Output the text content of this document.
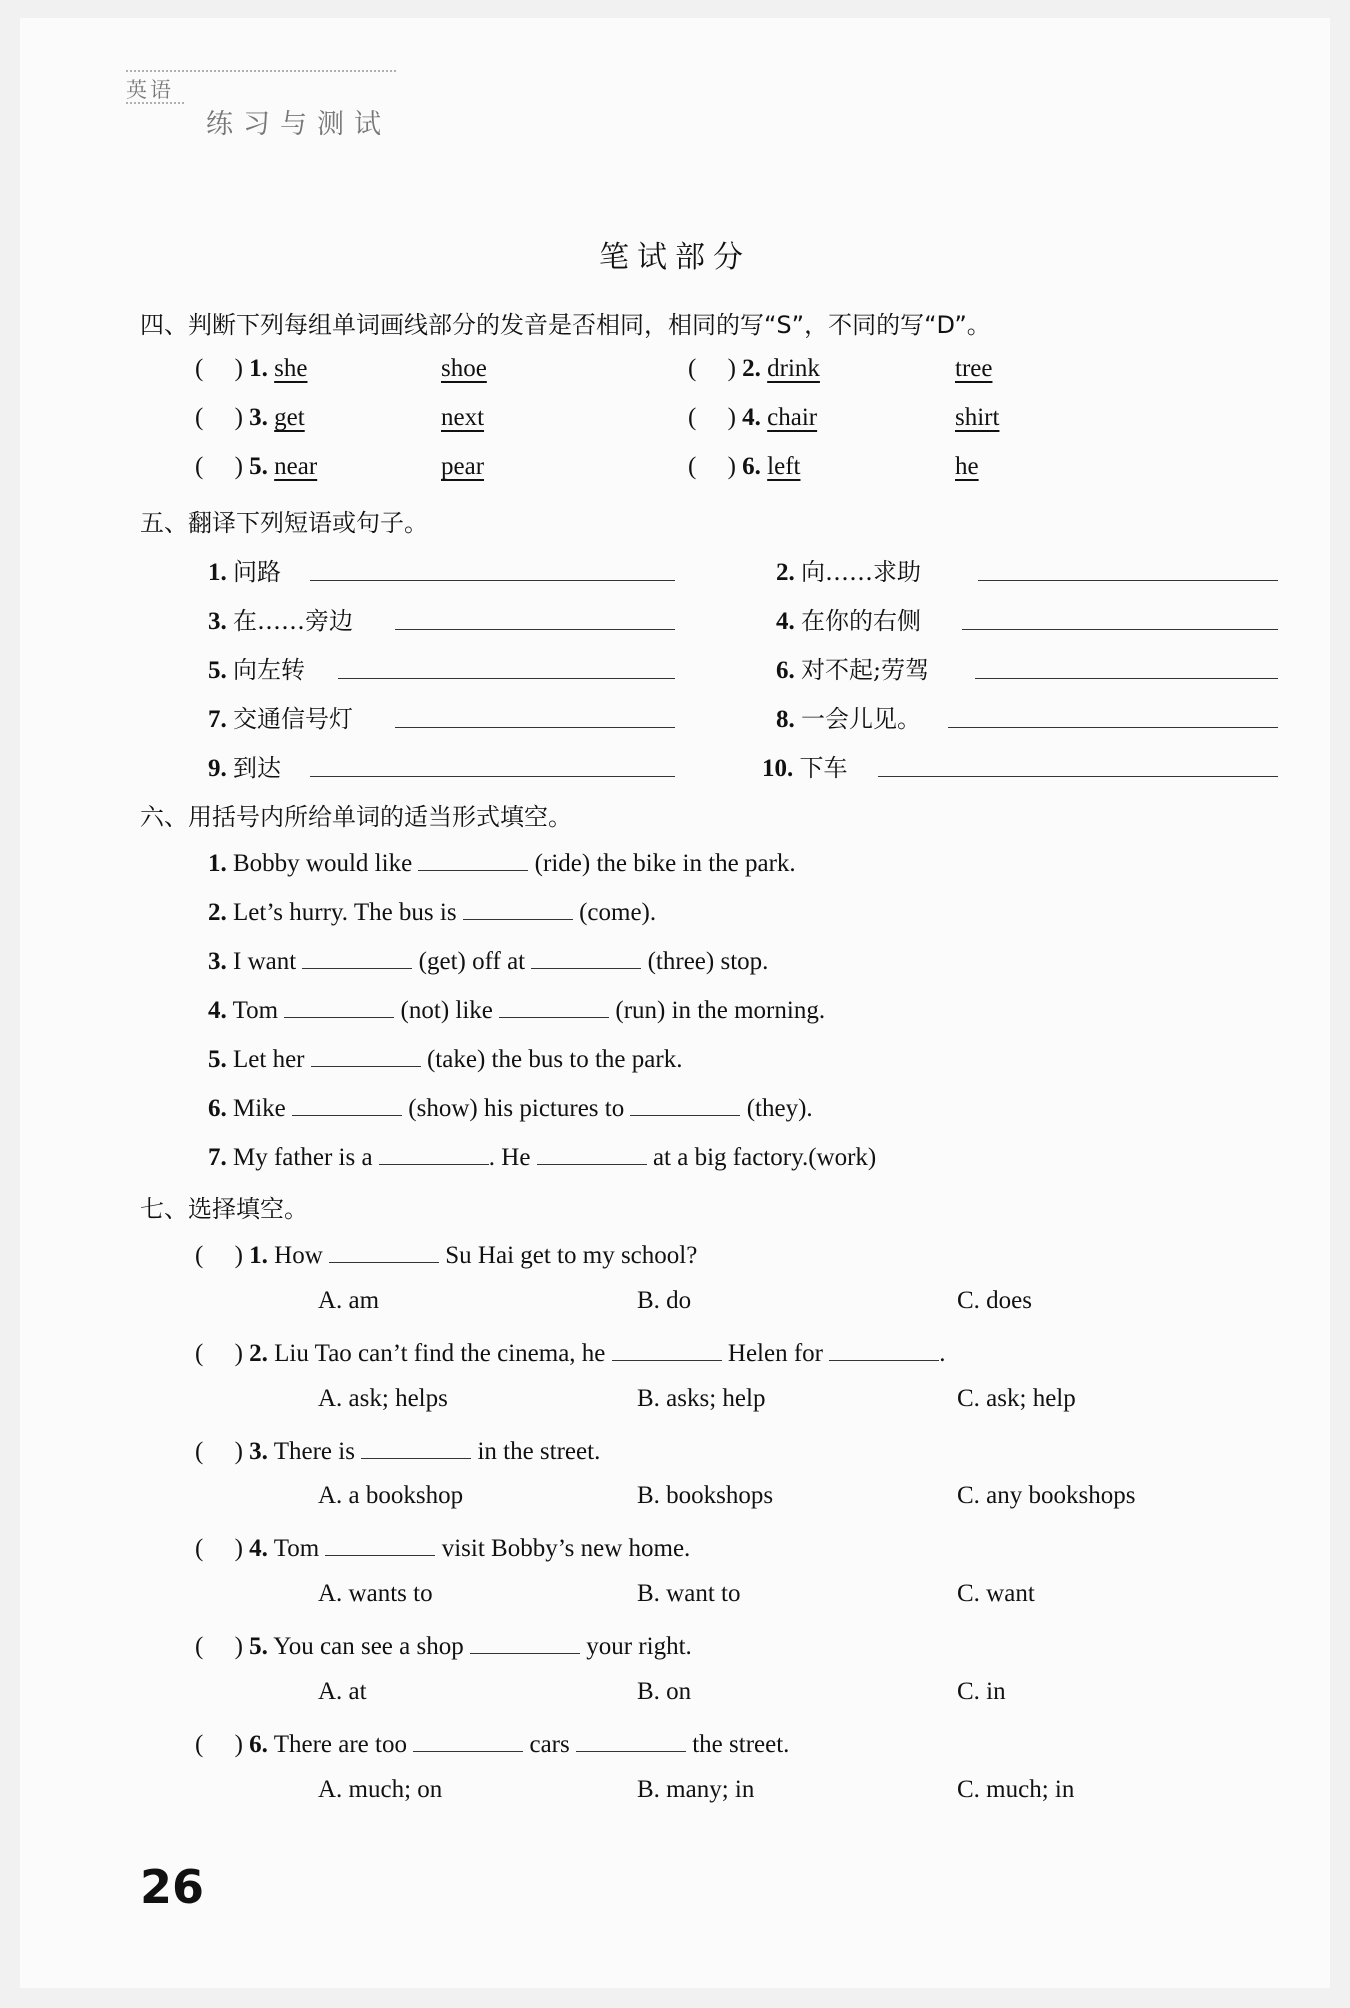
英语
练习与测试
笔试部分
四、判断下列每组单词画线部分的发音是否相同，相同的写“S”，不同的写“D”。
(     ) 1. she	shoe	(     ) 2. drink	tree
(     ) 3. get	next	(     ) 4. chair	shirt
(     ) 5. near	pear	(     ) 6. left	he
五、翻译下列短语或句子。
1. 问路	2. 向……求助
3. 在……旁边	4. 在你的右侧
5. 向左转	6. 对不起;劳驾
7. 交通信号灯	8. 一会儿见。
9. 到达	10. 下车
六、用括号内所给单词的适当形式填空。
1. Bobby would like	(ride) the bike in the park.
2. Let’s hurry. The bus is	(come).
3. I want	(get) off at	(three) stop.
4. Tom	(not) like	(run) in the morning.
5. Let her	(take) the bus to the park.
6. Mike	(show) his pictures to	(they).
7. My father is a	. He	at a big factory.(work)
七、选择填空。
(     ) 1. How	Su Hai get to my school?
A. am	B. do	C. does
(     ) 2. Liu Tao can’t find the cinema, he	Helen for	.
A. ask; helps	B. asks; help	C. ask; help
(     ) 3. There is	in the street.
A. a bookshop	B. bookshops	C. any bookshops
(     ) 4. Tom	visit Bobby’s new home.
A. wants to	B. want to	C. want
(     ) 5. You can see a shop	your right.
A. at	B. on	C. in
(     ) 6. There are too	cars	the street.
A. much; on	B. many; in	C. much; in
26
